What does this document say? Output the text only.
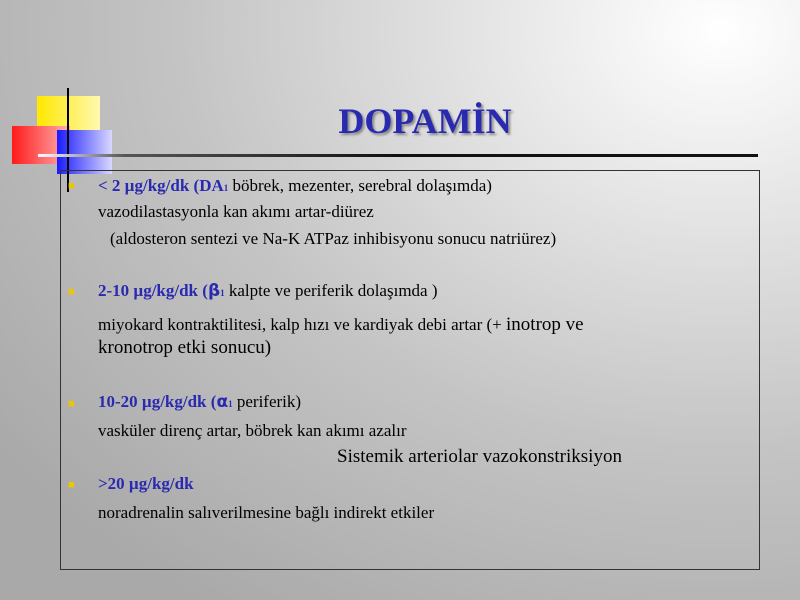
DOPAMİN
■ < 2 µg/kg/dk (DA1 böbrek, mezenter, serebral dolaşımda)
vazodilastasyonla kan akımı artar-diürez
(aldosteron sentezi ve Na-K ATPaz inhibisyonu sonucu natriürez)
■ 2-10 µg/kg/dk (β1 kalpte ve periferik dolaşımda )
miyokard kontraktilitesi, kalp hızı ve kardiyak debi artar (+ inotrop ve
kronotrop etki sonucu)
■ 10-20 µg/kg/dk (α1 periferik)
vasküler direnç artar, böbrek kan akımı azalır
Sistemik arteriolar vazokonstriksiyon
■ >20 µg/kg/dk
noradrenalin salıverilmesine bağlı indirekt etkiler
